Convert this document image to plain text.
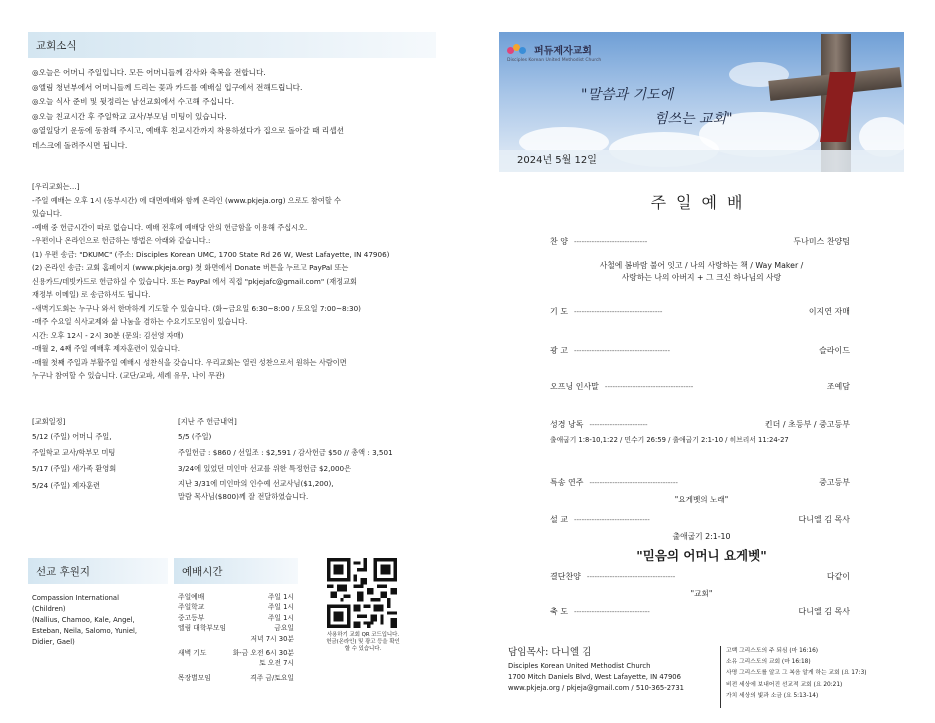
교회소식
◎오늘은 어머니 주일입니다. 모든 어머니들께 감사와 축복을 전합니다.
◎엘림 청년부에서 어머니들께 드리는 꽃과 카드를 예배실 입구에서 전해드립니다.
◎오늘 식사 준비 및 뒷정리는 남선교회에서 수고해 주십니다.
◎오늘 친교시간 후 주일학교 교사/부모님 미팅이 있습니다.
◎열일당기 운동에 동참해 주시고, 예배후 친교시간까지 착용하셨다가 집으로 돌아갈 때 리셉션
데스크에 돌려주시면 됩니다.
[우리교회는…]
-주일 예배는 오후 1시 (동부시간) 에 대면예배와 함께 온라인 (www.pkjeja.org) 으로도 참여할 수
있습니다.
-예배 중 헌금시간이 따로 없습니다. 예배 전후에 예배당 안의 헌금함을 이용해 주십시오.
-우편이나 온라인으로 헌금하는 방법은 아래와 같습니다.:
(1) 우편 송금: "DKUMC" (주소: Disciples Korean UMC, 1700 State Rd 26 W, West Lafayette, IN 47906)
(2) 온라인 송금: 교회 홈페이지 (www.pkjeja.org) 첫 화면에서 Donate 버튼을 누르고 PayPal 또는
신용카드/데빗카드로 헌금하실 수 있습니다. 또는 PayPal 에서 직접 "pkjejafc@gmail.com" (재정교회
재정부 이메일) 로 송금하셔도 됩니다.
-새벽기도회는 누구나 와서 한마하게 기도할 수 있습니다. (화~금요일 6:30~8:00 / 토요일 7:00~8:30)
-매주 수요일 식사교제와 삶 나눔을 겸하는 수요기도모임이 있습니다.
시간: 오후 12시 - 2시 30분 (문의: 김선영 자매)
-매월 2, 4째 주일 예배후 제자훈련이 있습니다.
-매월 첫째 주일과 부활주일 예배시 성찬식을 갖습니다. 우리교회는 열린 성찬으로서 원하는 사람이면
누구나 참여할 수 있습니다. (교단/교파, 세례 유무, 나이 무관)
[교회일정]
5/12 (주일) 어머니 주일,
주일학교 교사/학부모 미팅
5/17 (주일) 새가족 환영회
5/24 (주일) 제자훈련
[지난 주 헌금내역]
5/5 (주일)
주일헌금 : $860 / 선일조 : $2,591 / 감사헌금 $50 // 총액 : 3,501
3/24에 있었던 미인마 선교를 위한 특정헌금 $2,000은
지난 3/31에 미인마의 인수예 선교사님($1,200),
말람 목사님($800)께 잘 전달하였습니다.
선교 후원지
Compassion International
(Children)
(Nallius, Chamoo, Kale, Angel,
Esteban, Neila, Salomo, Yuniel,
Didier, Gael)
예배시간
주일예배	주일 1시
주일학교	주일 1시
중고등부	주일 1시
엘림 대학부모임	금요일
저녁 7시 30분
새벽 기도	화-금 오전 6시 30분
토 오전 7시
목장별모임	격주 금/토요일
사용하기 교회 QR 코드입니다. 헌금(온라인) 및 광고 등을 확인할 수 있습니다.
퍼듀제자교회
Disciples Korean United Methodist Church
"말씀과 기도에
힘쓰는 교회"
2024년 5월 12일
주일예배
찬 양 -----------------------------	두나미스 찬양팀
사철에 봄바람 불어 잇고 / 나의 사랑하는 책 / Way Maker /
사랑하는 나의 아버지 + 그 크신 하나님의 사랑
기 도 -----------------------------------	이지연 자매
광 고 --------------------------------------	슬라이드
오프닝 인사말 -----------------------------------	조예담
성경 낭독 -----------------------	킨더 / 초등부 / 중고등부
출애굽기 1:8-10,1:22 / 민수기 26:59 / 출애굽기 2:1-10 / 히브리서 11:24-27
특송 연주 -----------------------------------	중고등부
"요게벳의 노래"
설 교 ------------------------------	다니엘 김 목사
출애굽기 2:1-10
"믿음의 어머니 요게벳"
결단찬양 -----------------------------------	다같이
"교회"
축 도 ------------------------------	다니엘 김 목사
담임목사: 다니엘 김
Disciples Korean United Methodist Church
1700 Mitch Daniels Blvd, West Lafayette, IN 47906
www.pkjeja.org / pkjeja@gmail.com / 510-365-2731
고백 그리스도의 주 되심 (마 16:16)
소유 그리스도의 교회 (마 16:18)
사명 그리스도를 알고 그 복음 알게 하는 교회 (요 17:3)
비전 세상에 보내어진 선교적 교회 (요 20:21)
가치 세상의 빛과 소금 (요 5:13-14)
